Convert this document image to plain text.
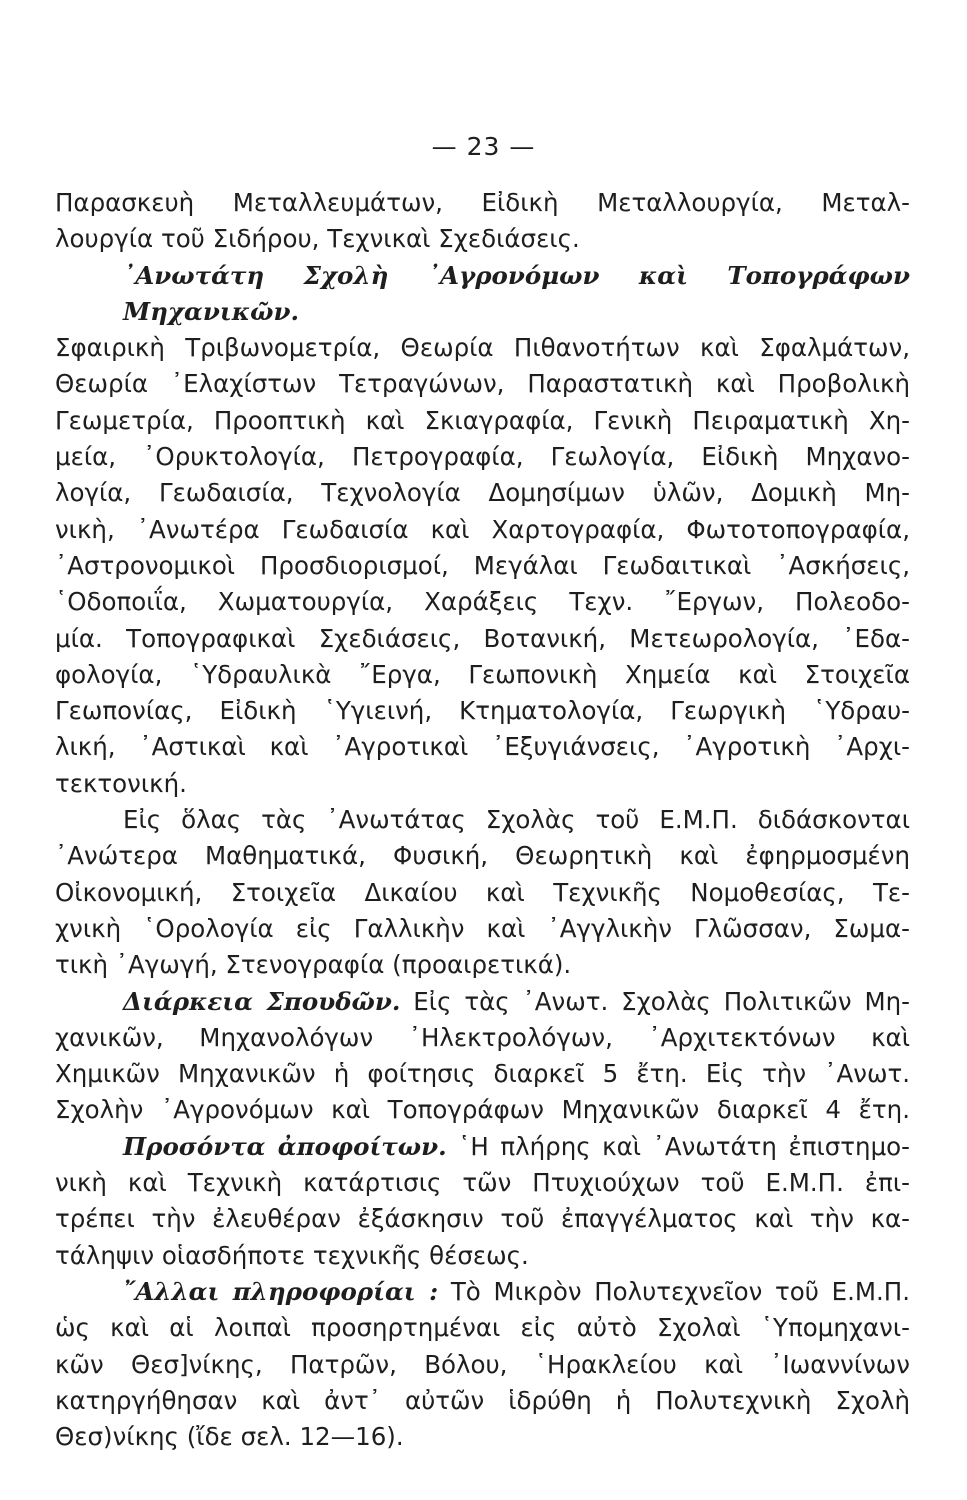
— 23 —
Παρασκευὴ Μεταλλευμάτων, Εἰδικὴ Μεταλλουργία, Μεταλ-
λουργία τοῦ Σιδήρου, Τεχνικαὶ Σχεδιάσεις.
᾿Ανωτάτη Σχολὴ ᾿Αγρονόμων καὶ Τοπογράφων Μηχανικῶν.
Σφαιρικὴ Τριβωνομετρία, Θεωρία Πιθανοτήτων καὶ Σφαλμάτων,
Θεωρία ᾿Ελαχίστων Τετραγώνων, Παραστατικὴ καὶ Προβολικὴ
Γεωμετρία, Προοπτικὴ καὶ Σκιαγραφία, Γενικὴ Πειραματικὴ Χη-
μεία, ᾿Ορυκτολογία, Πετρογραφία, Γεωλογία, Εἰδικὴ Μηχανο-
λογία, Γεωδαισία, Τεχνολογία Δομησίμων ὑλῶν, Δομικὴ Μη-
νικὴ, ᾿Ανωτέρα Γεωδαισία καὶ Χαρτογραφία, Φωτοτοπογραφία,
᾿Αστρονομικοὶ Προσδιορισμοί, Μεγάλαι Γεωδαιτικαὶ ᾿Ασκήσεις,
῾Οδοποιΐα, Χωματουργία, Χαράξεις Τεχν. ῎Εργων, Πολεοδο-
μία. Τοπογραφικαὶ Σχεδιάσεις, Βοτανική, Μετεωρολογία, ᾿Εδα-
φολογία, ῾Υδραυλικὰ ῎Εργα, Γεωπονικὴ Χημεία καὶ Στοιχεῖα
Γεωπονίας, Εἰδικὴ ῾Υγιεινή, Κτηματολογία, Γεωργικὴ ῾Υδραυ-
λική, ᾿Αστικαὶ καὶ ᾿Αγροτικαὶ ᾿Εξυγιάνσεις, ᾿Αγροτικὴ ᾿Αρχι-
τεκτονική.
Εἰς ὅλας τὰς ᾿Ανωτάτας Σχολὰς τοῦ Ε.Μ.Π. διδάσκονται
᾿Ανώτερα Μαθηματικά, Φυσική, Θεωρητικὴ καὶ ἐφηρμοσμένη
Οἰκονομική, Στοιχεῖα Δικαίου καὶ Τεχνικῆς Νομοθεσίας, Τε-
χνικὴ ῾Ορολογία εἰς Γαλλικὴν καὶ ᾿Αγγλικὴν Γλῶσσαν, Σωμα-
τικὴ ᾿Αγωγή, Στενογραφία (προαιρετικά).
Διάρκεια Σπουδῶν. Εἰς τὰς ᾿Ανωτ. Σχολὰς Πολιτικῶν Μη-
χανικῶν, Μηχανολόγων ᾿Ηλεκτρολόγων, ᾿Αρχιτεκτόνων καὶ
Χημικῶν Μηχανικῶν ἡ φοίτησις διαρκεῖ 5 ἔτη. Εἰς τὴν ᾿Ανωτ.
Σχολὴν ᾿Αγρονόμων καὶ Τοπογράφων Μηχανικῶν διαρκεῖ 4 ἔτη.
Προσόντα ἀποφοίτων. ῾Η πλήρης καὶ ᾿Ανωτάτη ἐπιστημο-
νικὴ καὶ Τεχνικὴ κατάρτισις τῶν Πτυχιούχων τοῦ Ε.Μ.Π. ἐπι-
τρέπει τὴν ἐλευθέραν ἐξάσκησιν τοῦ ἐπαγγέλματος καὶ τὴν κα-
τάληψιν οἱασδήποτε τεχνικῆς θέσεως.
῎Αλλαι πληροφορίαι : Τὸ Μικρὸν Πολυτεχνεῖον τοῦ Ε.Μ.Π.
ὡς καὶ αἱ λοιπαὶ προσηρτημέναι εἰς αὐτὸ Σχολαὶ ῾Υπομηχανι-
κῶν Θεσ]νίκης, Πατρῶν, Βόλου, ῾Ηρακλείου καὶ ᾿Ιωαννίνων
κατηργήθησαν καὶ ἀντ᾿ αὐτῶν ἱδρύθη ἡ Πολυτεχνικὴ Σχολὴ
Θεσ)νίκης (ἴδε σελ. 12—16).
